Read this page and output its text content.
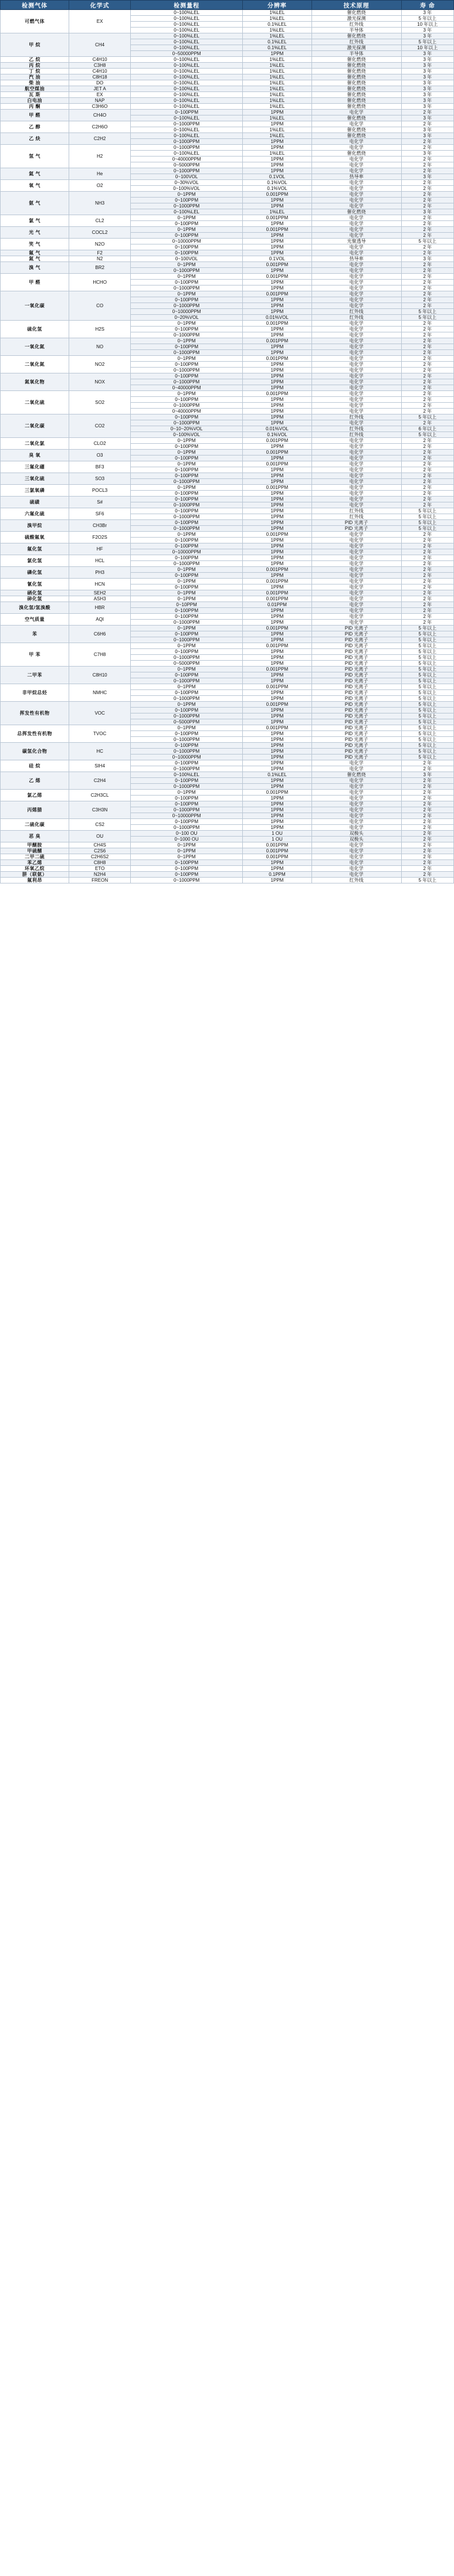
检测气体	化学式	检测量程	分辨率	技术原理	寿 命
可燃气体	EX	0~100%LEL	1%LEL	催化燃烧	3 年
		0~100%LEL	1%LEL	激光探测	5 年以上
		0~100%LEL	0.1%LEL	红外线	10 年以上
		0~100%LEL	1%LEL	半导体	3 年
甲 烷	CH4	0~100%LEL	1%LEL	催化燃烧	3 年
		0~100%LEL	0.1%LEL	红外线	5 年以上
		0~100%LEL	0.1%LEL	激光探测	10 年以上
		0~50000PPM	1PPM	半导体	3 年
乙 烷	C4H10	0~100%LEL	1%LEL	催化燃烧	3 年
丙 烷	C3H8	0~100%LEL	1%LEL	催化燃烧	3 年
丁 烷	C4H10	0~100%LEL	1%LEL	催化燃烧	3 年
汽 油	C8H18	0~100%LEL	1%LEL	催化燃烧	3 年
柴 油	DO	0~100%LEL	1%LEL	催化燃烧	3 年
航空煤油	JET A	0~100%LEL	1%LEL	催化燃烧	3 年
瓦 斯	EX	0~100%LEL	1%LEL	催化燃烧	3 年
白电油	NAP	0~100%LEL	1%LEL	催化燃烧	3 年
丙 酮	C3H6O	0~100%LEL	1%LEL	催化燃烧	3 年
甲 醛	CH4O	0~100PPM	1PPM	电化学	2 年
		0~100%LEL	1%LEL	催化燃烧	3 年
乙 醇	C2H6O	0~1000PPM	1PPM	电化学	2 年
		0~100%LEL	1%LEL	催化燃烧	3 年
乙 炔	C2H2	0~100%LEL	1%LEL	催化燃烧	3 年
		0~1000PPM	1PPM	电化学	2 年
氢 气	H2	0~1000PPM	1PPM	电化学	2 年
		0~100%LEL	1%LEL	催化燃烧	3 年
		0~40000PPM	1PPM	电化学	2 年
		0~5000PPM	1PPM	电化学	2 年
氦 气	He	0~1000PPM	1PPM	电化学	2 年
		0~100VOL	0.1VOL	热导率	3 年
氧 气	O2	0~30%VOL	0.1%VOL	电化学	2 年
		0~100%VOL	0.1%VOL	电化学	2 年
氨 气	NH3	0~1PPM	0.001PPM	电化学	2 年
		0~100PPM	1PPM	电化学	2 年
		0~1000PPM	1PPM	电化学	2 年
		0~100%LEL	1%LEL	催化燃烧	3 年
氯 气	CL2	0~1PPM	0.001PPM	电化学	2 年
		0~100PPM	1PPM	电化学	2 年
光 气	COCL2	0~1PPM	0.001PPM	电化学	2 年
		0~100PPM	1PPM	电化学	2 年
笑 气	N2O	0~10000PPM	1PPM	光聚透导	5 年以上
		0~100PPM	1PPM	电化学	2 年
氟 气	F2	0~100PPM	1PPM	电化学	2 年
氮 气	N2	0~100VOL	0.1VOL	热导率	3 年
溴 气	BR2	0~1PPM	0.001PPM	电化学	2 年
		0~1000PPM	1PPM	电化学	2 年
甲 醛	HCHO	0~1PPM	0.001PPM	电化学	2 年
		0~100PPM	1PPM	电化学	2 年
		0~1000PPM	1PPM	电化学	2 年
一氧化碳	CO	0~1PPM	0.001PPM	电化学	2 年
		0~100PPM	1PPM	电化学	2 年
		0~1000PPM	1PPM	电化学	2 年
		0~10000PPM	1PPM	红外线	5 年以上
		0~20%VOL	0.01%VOL	红外线	5 年以上
硫化氢	H2S	0~1PPM	0.001PPM	电化学	2 年
		0~100PPM	1PPM	电化学	2 年
		0~1000PPM	1PPM	电化学	2 年
一氧化氮	NO	0~1PPM	0.001PPM	电化学	2 年
		0~100PPM	1PPM	电化学	2 年
		0~1000PPM	1PPM	电化学	2 年
二氧化氮	NO2	0~1PPM	0.001PPM	电化学	2 年
		0~100PPM	1PPM	电化学	2 年
		0~1000PPM	1PPM	电化学	2 年
氮氧化物	NOX	0~100PPM	1PPM	电化学	2 年
		0~1000PPM	1PPM	电化学	2 年
		0~40000PPM	1PPM	电化学	2 年
二氧化硫	SO2	0~1PPM	0.001PPM	电化学	2 年
		0~100PPM	1PPM	电化学	2 年
		0~1000PPM	1PPM	电化学	2 年
		0~40000PPM	1PPM	电化学	2 年
二氧化碳	CO2	0~100PPM	1PPM	红外线	5 年以上
		0~1000PPM	1PPM	电化学	2 年
		0~10~20%VOL	0.01%VOL	红外线	6 年以上
		0~100%VOL	0.1%VOL	红外线	5 年以上
二氧化氯	CLO2	0~1PPM	0.001PPM	电化学	2 年
		0~100PPM	1PPM	电化学	2 年
臭 氧	O3	0~1PPM	0.001PPM	电化学	2 年
		0~100PPM	1PPM	电化学	2 年
三氟化硼	BF3	0~1PPM	0.001PPM	电化学	2 年
		0~100PPM	1PPM	电化学	2 年
三氧化硫	SO3	0~100PPM	1PPM	电化学	2 年
		0~1000PPM	1PPM	电化学	2 年
三氯氧磷	POCL3	0~1PPM	0.001PPM	电化学	2 年
		0~100PPM	1PPM	电化学	2 年
硫磺	S#	0~100PPM	1PPM	电化学	2 年
		0~1000PPM	1PPM	电化学	2 年
六氟化硫	SF6	0~100PPM	1PPM	红外线	5 年以上
		0~1000PPM	1PPM	红外线	5 年以上
溴甲烷	CH3Br	0~100PPM	1PPM	PID 光离子	5 年以上
		0~1000PPM	1PPM	PID 光离子	5 年以上
硫酸氟氧	F2O2S	0~1PPM	0.001PPM	电化学	2 年
		0~100PPM	1PPM	电化学	2 年
氟化氢	HF	0~100PPM	1PPM	电化学	2 年
		0~10000PPM	1PPM	电化学	2 年
氯化氢	HCL	0~100PPM	1PPM	电化学	2 年
		0~1000PPM	1PPM	电化学	2 年
磷化氢	PH3	0~1PPM	0.001PPM	电化学	2 年
		0~100PPM	1PPM	电化学	2 年
氰化氢	HCN	0~1PPM	0.001PPM	电化学	2 年
		0~100PPM	1PPM	电化学	2 年
硒化氢	SEH2	0~1PPM	0.001PPM	电化学	2 年
砷化氢	ASH3	0~1PPM	0.001PPM	电化学	2 年
溴化氢/氢溴酸	HBR	0~10PPM	0.01PPM	电化学	2 年
		0~100PPM	1PPM	电化学	2 年
空气质量	AQI	0~100PPM	1PPM	电化学	2 年
		0~1000PPM	1PPM	电化学	2 年
苯	C6H6	0~1PPM	0.001PPM	PID 光离子	5 年以上
		0~100PPM	1PPM	PID 光离子	5 年以上
		0~1000PPM	1PPM	PID 光离子	5 年以上
甲 苯	C7H8	0~1PPM	0.001PPM	PID 光离子	5 年以上
		0~100PPM	1PPM	PID 光离子	5 年以上
		0~1000PPM	1PPM	PID 光离子	5 年以上
		0~5000PPM	1PPM	PID 光离子	5 年以上
二甲苯	C8H10	0~1PPM	0.001PPM	PID 光离子	5 年以上
		0~100PPM	1PPM	PID 光离子	5 年以上
		0~1000PPM	1PPM	PID 光离子	5 年以上
非甲烷总烃	NMHC	0~1PPM	0.001PPM	PID 光离子	5 年以上
		0~100PPM	1PPM	PID 光离子	5 年以上
		0~1000PPM	1PPM	PID 光离子	5 年以上
挥发性有机物	VOC	0~1PPM	0.001PPM	PID 光离子	5 年以上
		0~100PPM	1PPM	PID 光离子	5 年以上
		0~1000PPM	1PPM	PID 光离子	5 年以上
		0~5000PPM	1PPM	PID 光离子	5 年以上
总挥发性有机物	TVOC	0~1PPM	0.001PPM	PID 光离子	5 年以上
		0~100PPM	1PPM	PID 光离子	5 年以上
		0~1000PPM	1PPM	PID 光离子	5 年以上
碳氢化合物	HC	0~100PPM	1PPM	PID 光离子	5 年以上
		0~1000PPM	1PPM	PID 光离子	5 年以上
		0~10000PPM	1PPM	PID 光离子	5 年以上
硅 烷	SIH4	0~100PPM	1PPM	电化学	2 年
		0~1000PPM	1PPM	电化学	2 年
乙 烯	C2H4	0~100%LEL	0.1%LEL	催化燃烧	3 年
		0~100PPM	1PPM	电化学	2 年
		0~1000PPM	1PPM	电化学	2 年
氯乙烯	C2H3CL	0~1PPM	0.001PPM	电化学	2 年
		0~100PPM	1PPM	电化学	2 年
丙烯腈	C3H3N	0~100PPM	1PPM	电化学	2 年
		0~1000PPM	1PPM	电化学	2 年
		0~10000PPM	1PPM	电化学	2 年
二硫化碳	CS2	0~100PPM	1PPM	电化学	2 年
		0~1000PPM	1PPM	电化学	2 年
恶 臭	OU	0~100 OU	1 OU	双极头	2 年
		0~1000 OU	1 OU	双极头	2 年
甲醚胺	CH4S	0~1PPM	0.001PPM	电化学	2 年
甲硫醚	C2S6	0~1PPM	0.001PPM	电化学	2 年
二甲二硫	C2H6S2	0~1PPM	0.001PPM	电化学	2 年
苯乙烯	C8H8	0~100PPM	1PPM	电化学	2 年
环氧乙烷	ETO	0~100PPM	1PPM	电化学	2 年
肼（联氨）	N2H4	0~100PPM	0.1PPM	电化学	2 年
氟利昂	FREON	0~1000PPM	1PPM	红外线	5 年以上
